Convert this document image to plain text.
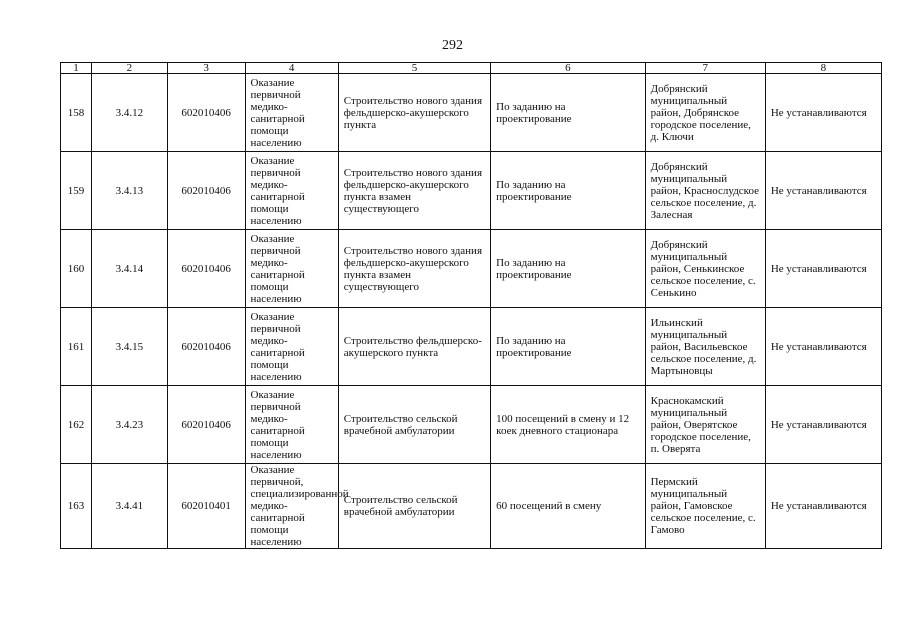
292
1	2	3	4	5	6	7	8
158	3.4.12	602010406	Оказание первичной медико-санитарной помощи населению	Строительство нового здания фельдшерско-акушерского пункта	По заданию на проектирование	Добрянский муниципальный район, Добрянское городское поселение, д. Ключи	Не устанавливаются
159	3.4.13	602010406	Оказание первичной медико-санитарной помощи населению	Строительство нового здания фельдшерско-акушерского пункта взамен существующего	По заданию на проектирование	Добрянский муниципальный район, Краснослудское сельское поселение, д. Залесная	Не устанавливаются
160	3.4.14	602010406	Оказание первичной медико-санитарной помощи населению	Строительство нового здания фельдшерско-акушерского пункта взамен существующего	По заданию на проектирование	Добрянский муниципальный район, Сенькинское сельское поселение, с. Сенькино	Не устанавливаются
161	3.4.15	602010406	Оказание первичной медико-санитарной помощи населению	Строительство фельдшерско-акушерского пункта	По заданию на проектирование	Ильинский муниципальный район, Васильевское сельское поселение, д. Мартыновцы	Не устанавливаются
162	3.4.23	602010406	Оказание первичной медико-санитарной помощи населению	Строительство сельской врачебной амбулатории	100 посещений в смену и 12 коек дневного стационара	Краснокамский муниципальный район, Оверятское городское поселение, п. Оверята	Не устанавливаются
163	3.4.41	602010401	Оказание первичной, специализированной медико-санитарной помощи населению	Строительство сельской врачебной амбулатории	60 посещений в смену	Пермский муниципальный район, Гамовское сельское поселение, с. Гамово	Не устанавливаются
